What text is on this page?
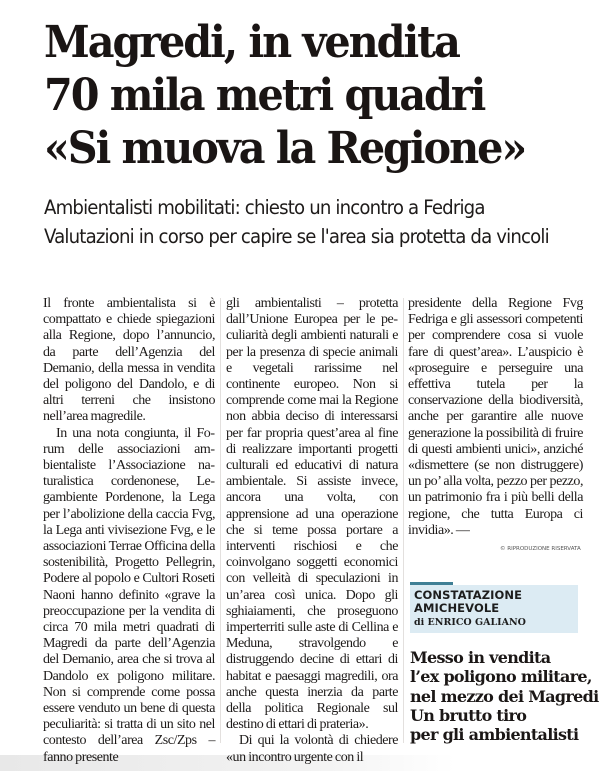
Magredi, in vendita
70 mila metri quadri
«Si muova la Regione»
Ambientalisti mobilitati: chiesto un incontro a Fedriga
Valutazioni in corso per capire se l'area sia protetta da vincoli

Il fronte ambientalista si è compattato e chiede spiegazioni alla Regione, dopo l’annuncio, da parte dell’Agenzia del Demanio, della messa in vendita del poligono del Dandolo, e di altri terreni che insistono nell’area magredile.

In una nota congiunta, il Forum delle associazioni ambientaliste l’Associazione naturalistica cordenonese, Legambiente Pordenone, la Lega per l’abolizione della caccia Fvg, la Lega anti vivisezione Fvg, e le associazioni Terrae Officina della sostenibilità, Progetto Pellegrin, Podere al popolo e Cultori Roseti Naoni hanno definito «grave la preoccupazione per la vendita di circa 70 mila metri quadrati di Magredi da parte dell’Agenzia del Demanio, area che si trova al Dandolo ex poligono militare. Non si comprende come possa essere venduto un bene di questa peculiarità: si tratta di un sito nel contesto dell’area Zsc/Zps – fanno presente

gli ambientalisti – protetta dall’Unione Europea per le peculiarità degli ambienti naturali e per la presenza di specie animali e vegetali rarissime nel continente europeo. Non si comprende come mai la Regione non abbia deciso di interessarsi per far propria quest’area al fine di realizzare importanti progetti culturali ed educativi di natura ambientale. Si assiste invece, ancora una volta, con apprensione ad una operazione che si teme possa portare a interventi rischiosi e che coinvolgano soggetti economici con velleità di speculazioni in un’area così unica. Dopo gli sghiaiamenti, che proseguono imperterriti sulle aste di Cellina e Meduna, stravolgendo e distruggendo decine di ettari di habitat e paesaggi magredili, ora anche questa inerzia da parte della politica Regionale sul destino di ettari di prateria».

Di qui la volontà di chiedere «un incontro urgente con il

presidente della Regione Fvg Fedriga e gli assessori competenti per comprendere cosa si vuole fare di quest’area». L’auspicio è «proseguire e perseguire una effettiva tutela per la conservazione della biodiversità, anche per garantire alle nuove generazione la possibilità di fruire di questi ambienti unici», anziché «dismettere (se non distruggere) un po’ alla volta, pezzo per pezzo, un patrimonio fra i più belli della regione, che tutta Europa ci invidia». —

© RIPRODUZIONE RISERVATA
CONSTATAZIONE
AMICHEVOLE
di ENRICO GALIANO
Messo in vendita
l’ex poligono militare,
nel mezzo dei Magredi
Un brutto tiro
per gli ambientalisti
